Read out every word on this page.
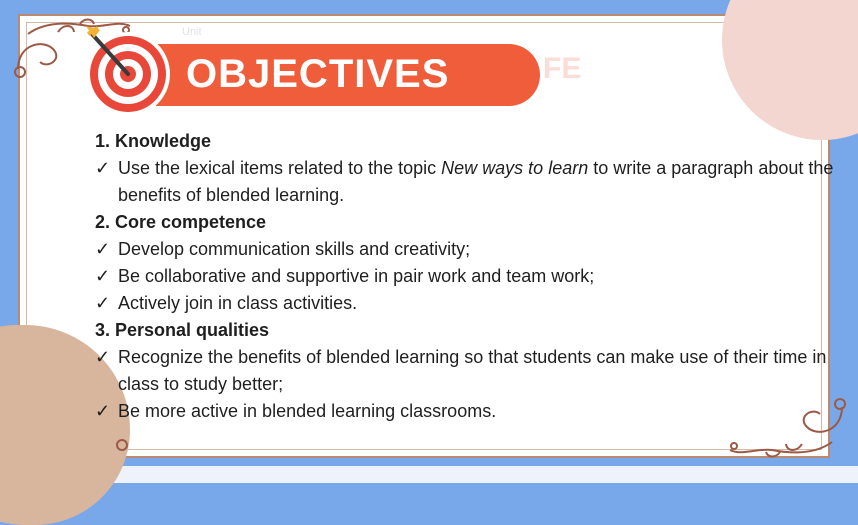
Unit
FE
OBJECTIVES
1. Knowledge
✓ Use the lexical items related to the topic New ways to learn to write a paragraph about the benefits of blended learning.
2. Core competence
✓ Develop communication skills and creativity;
✓ Be collaborative and supportive in pair work and team work;
✓ Actively join in class activities.
3. Personal qualities
✓ Recognize the benefits of blended learning so that students can make use of their time in class to study better;
✓ Be more active in blended learning classrooms.
